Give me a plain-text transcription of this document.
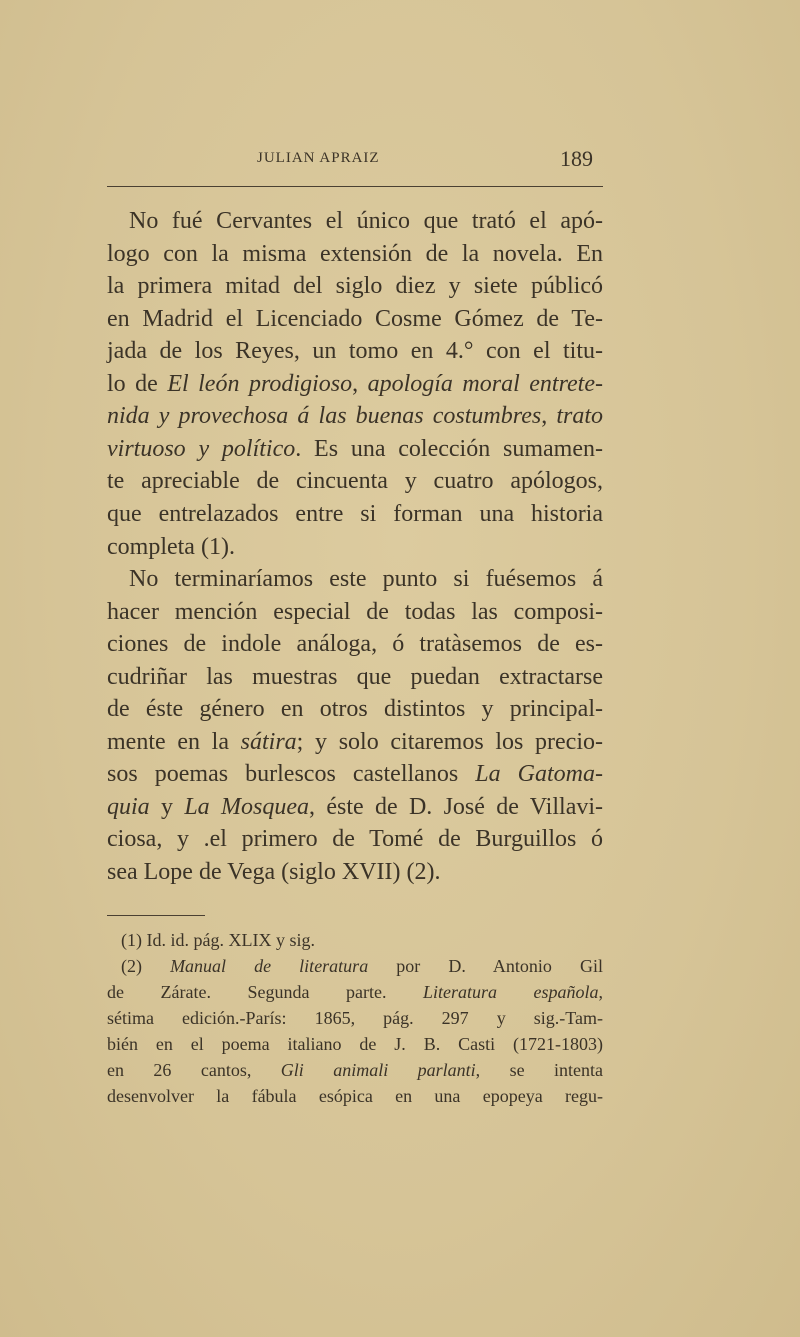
JULIAN APRAIZ	189
No fué Cervantes el único que trató el apó-
logo con la misma extensión de la novela. En
la primera mitad del siglo diez y siete públicó
en Madrid el Licenciado Cosme Gómez de Te-
jada de los Reyes, un tomo en 4.° con el titu-
lo de El león prodigioso, apología moral entrete-
nida y provechosa á las buenas costumbres, trato
virtuoso y político. Es una colección sumamen-
te apreciable de cincuenta y cuatro apólogos,
que entrelazados entre si forman una historia
completa (1).
No terminaríamos este punto si fuésemos á
hacer mención especial de todas las composi-
ciones de indole análoga, ó tratàsemos de es-
cudriñar las muestras que puedan extractarse
de éste género en otros distintos y principal-
mente en la sátira; y solo citaremos los precio-
sos poemas burlescos castellanos La Gatoma-
quia y La Mosquea, éste de D. José de Villavi-
ciosa, y .el primero de Tomé de Burguillos ó
sea Lope de Vega (siglo XVII) (2).
(1) Id. id. pág. XLIX y sig.
(2) Manual de literatura por D. Antonio Gil
de Zárate. Segunda parte. Literatura española,
sétima edición.-París: 1865, pág. 297 y sig.-Tam-
bién en el poema italiano de J. B. Casti (1721-1803)
en 26 cantos, Gli animali parlanti, se intenta
desenvolver la fábula esópica en una epopeya regu-
